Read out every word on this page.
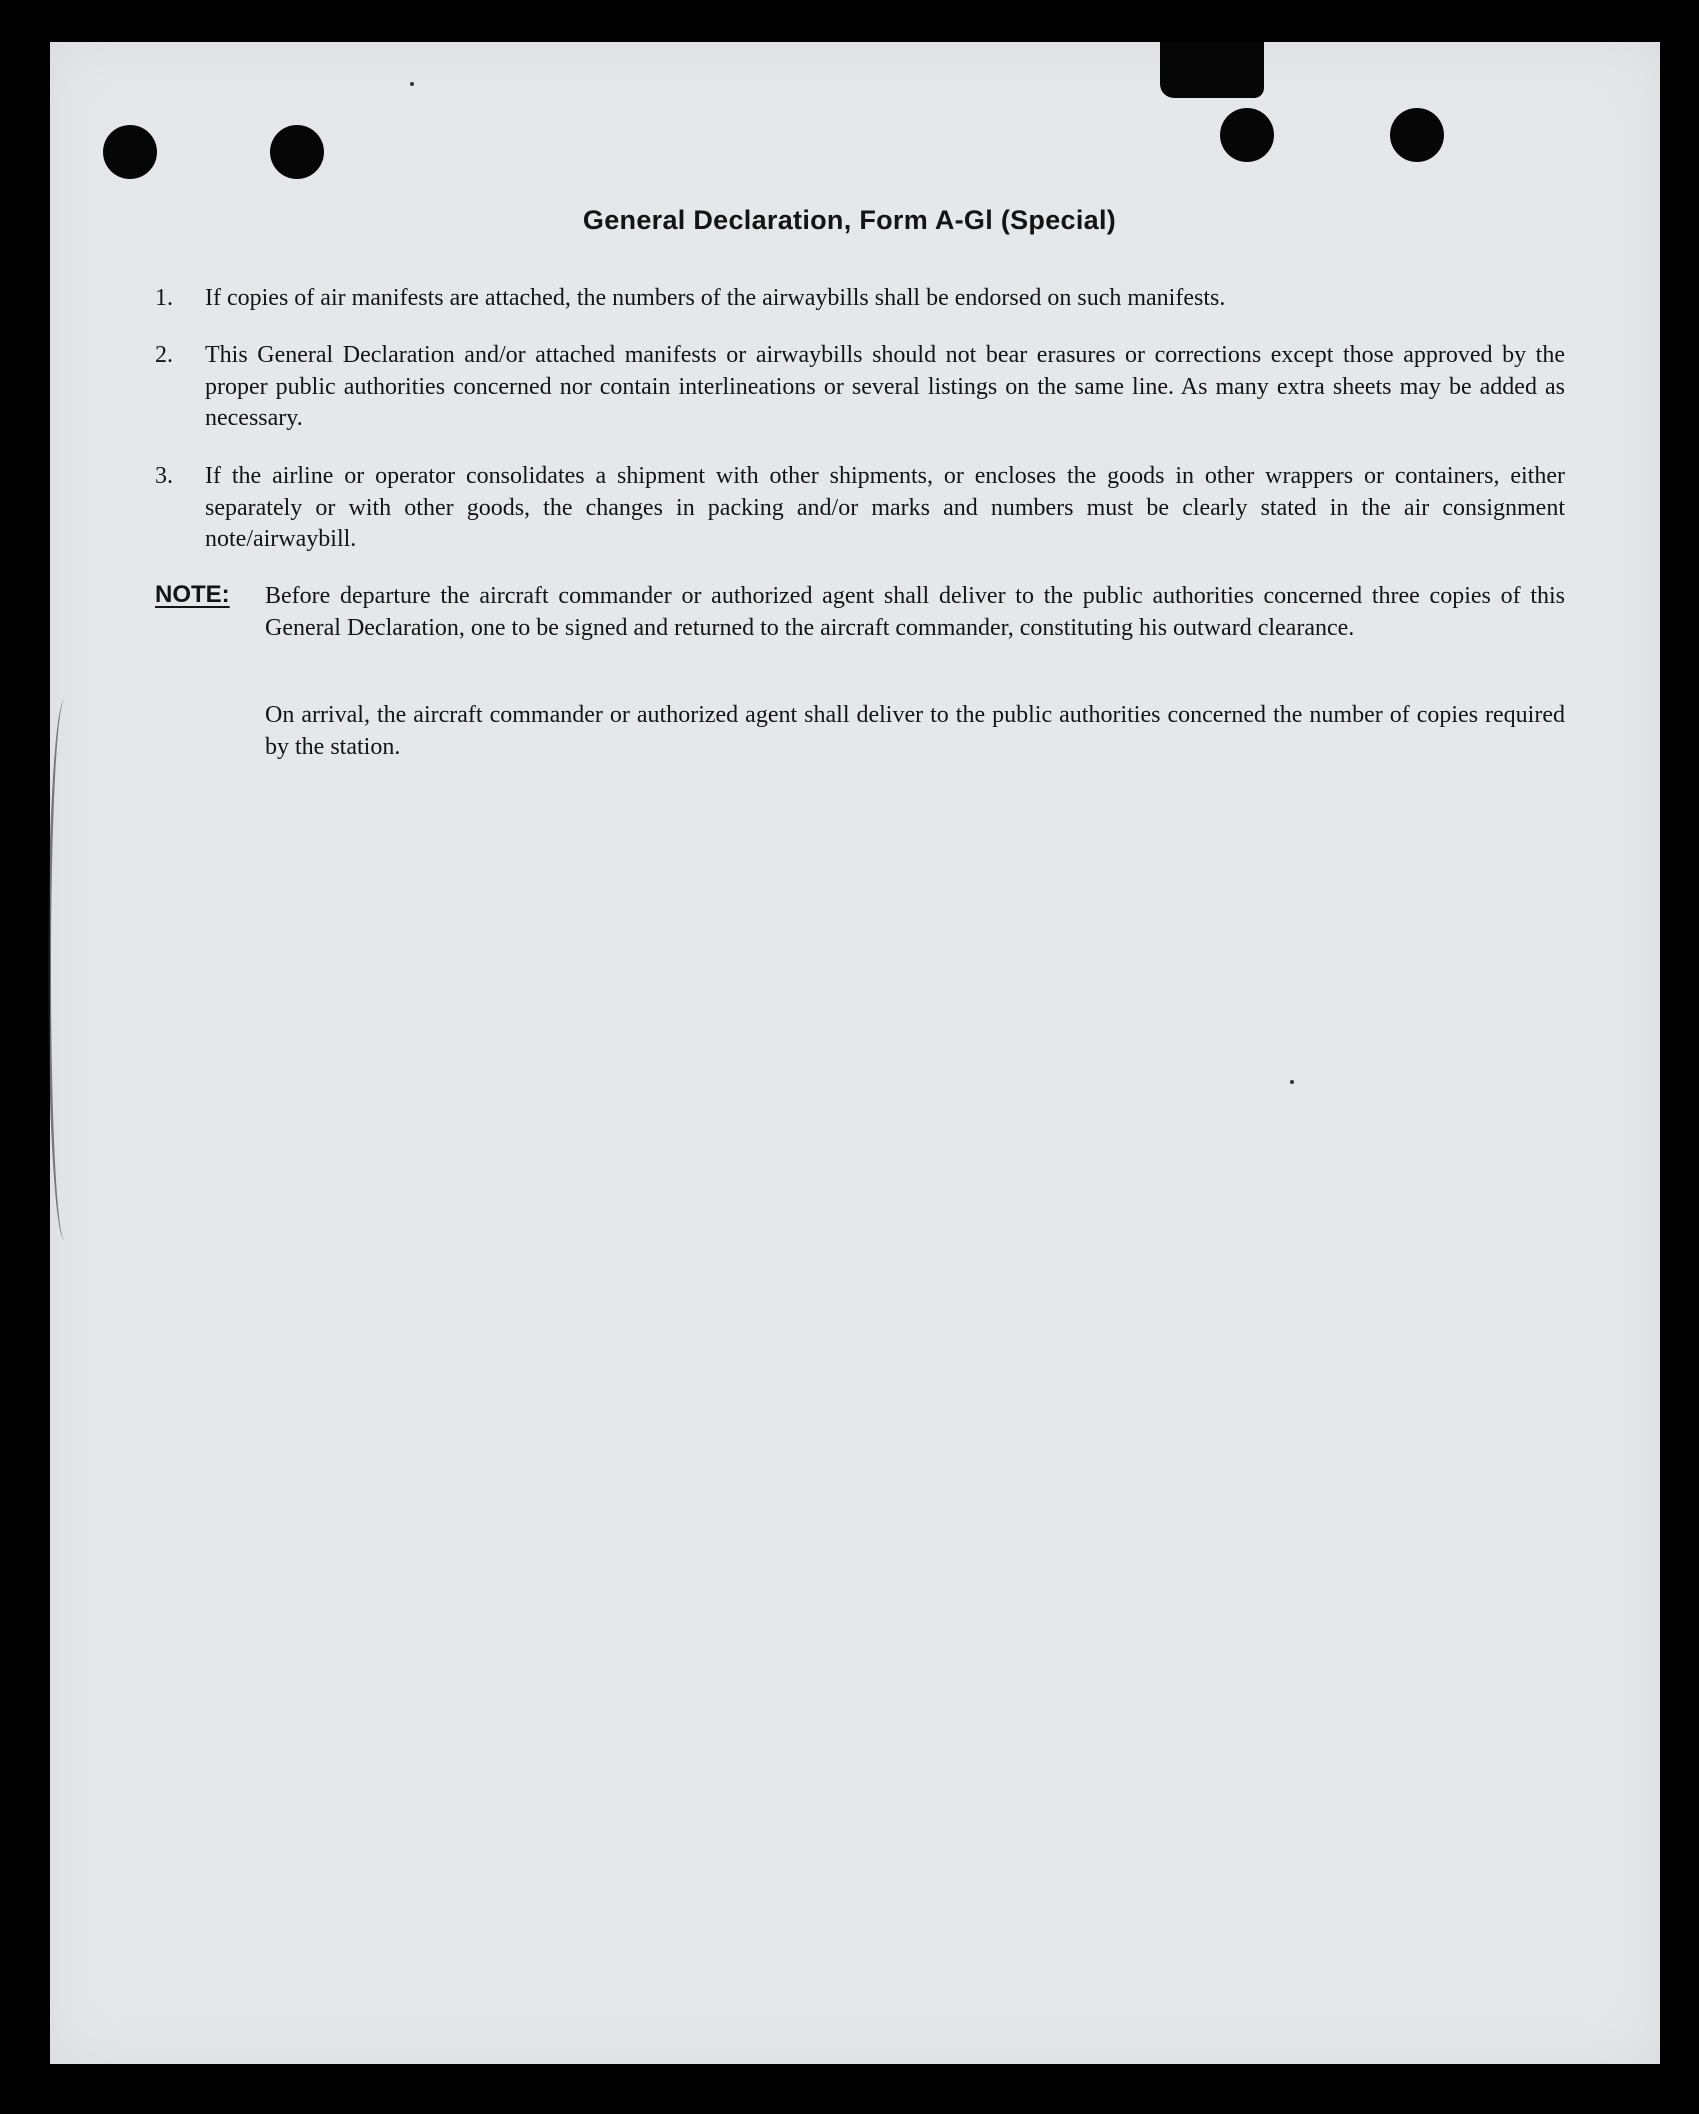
General Declaration, Form A-Gl (Special)
1.	If copies of air manifests are attached, the numbers of the airwaybills shall be endorsed on such manifests.
2.	This General Declaration and/or attached manifests or airwaybills should not bear erasures or corrections except those approved by the proper public authorities concerned nor contain interlineations or several listings on the same line. As many extra sheets may be added as necessary.
3.	If the airline or operator consolidates a shipment with other shipments, or encloses the goods in other wrappers or containers, either separately or with other goods, the changes in packing and/or marks and numbers must be clearly stated in the air consignment note/airwaybill.
NOTE: Before departure the aircraft commander or authorized agent shall deliver to the public authorities concerned three copies of this General Declaration, one to be signed and returned to the aircraft commander, constituting his outward clearance.
On arrival, the aircraft commander or authorized agent shall deliver to the public authorities concerned the number of copies required by the station.
